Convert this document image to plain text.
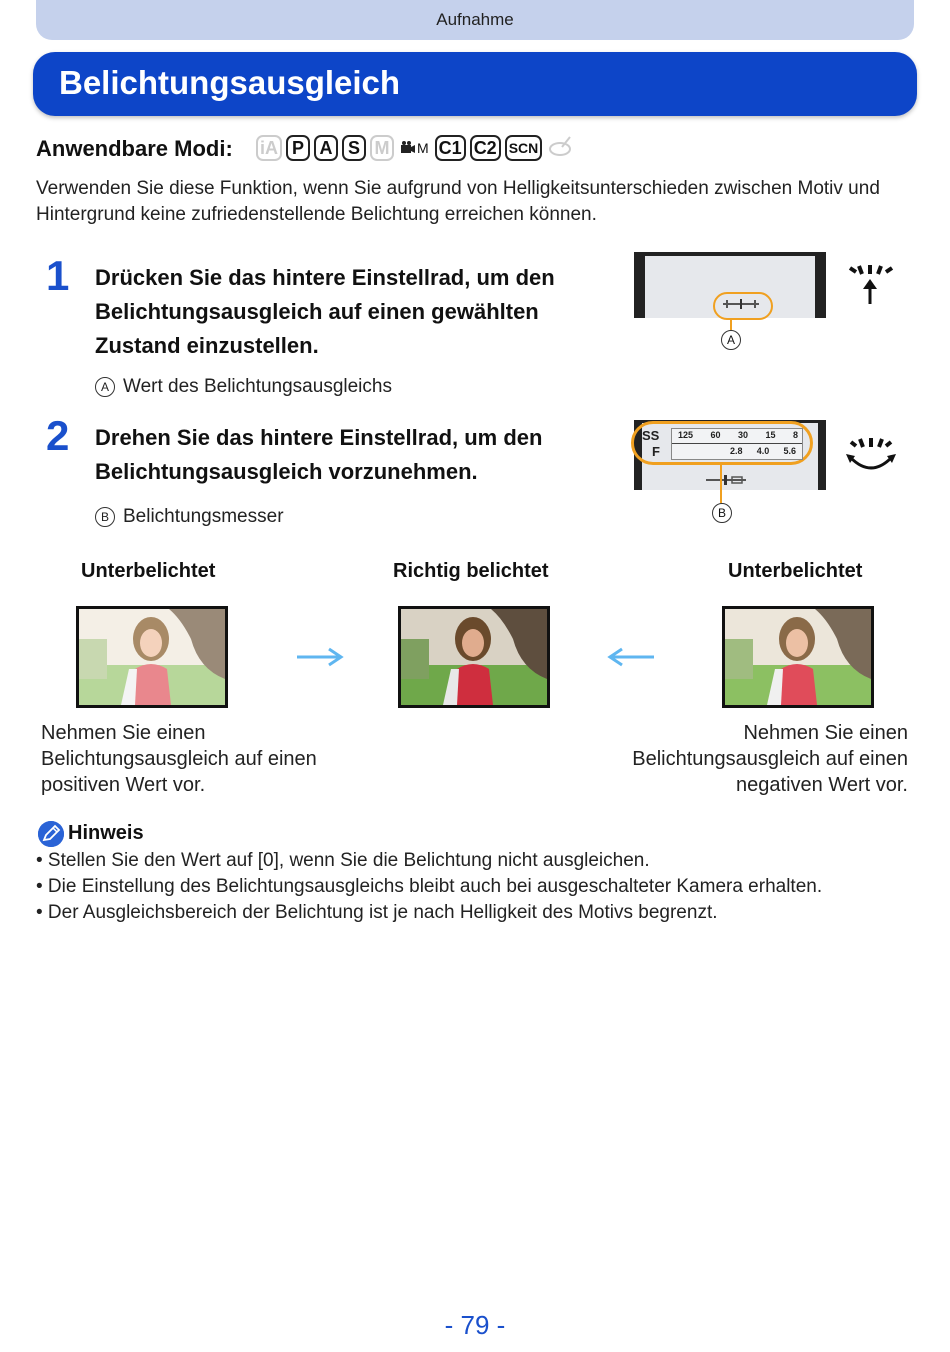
Aufnahme
Belichtungsausgleich
Anwendbare Modi: iA P A S M	M C1 C2 SCN
Verwenden Sie diese Funktion, wenn Sie aufgrund von Helligkeitsunterschieden zwischen Motiv und Hintergrund keine zufriedenstellende Belichtung erreichen können.
1 Drücken Sie das hintere Einstellrad, um den
Belichtungsausgleich auf einen gewählten
Zustand einzustellen.
A Wert des Belichtungsausgleichs
A
2 Drehen Sie das hintere Einstellrad, um den
Belichtungsausgleich vorzunehmen.
B Belichtungsmesser
SS
F
125 60 30 15 8
2.8 4.0 5.6
B
Unterbelichtet	Richtig belichtet	Unterbelichtet
Nehmen Sie einen
Belichtungsausgleich auf einen
positiven Wert vor.
Nehmen Sie einen
Belichtungsausgleich auf einen
negativen Wert vor.
Hinweis
• Stellen Sie den Wert auf [0], wenn Sie die Belichtung nicht ausgleichen.
• Die Einstellung des Belichtungsausgleichs bleibt auch bei ausgeschalteter Kamera erhalten.
• Der Ausgleichsbereich der Belichtung ist je nach Helligkeit des Motivs begrenzt.
- 79 -
